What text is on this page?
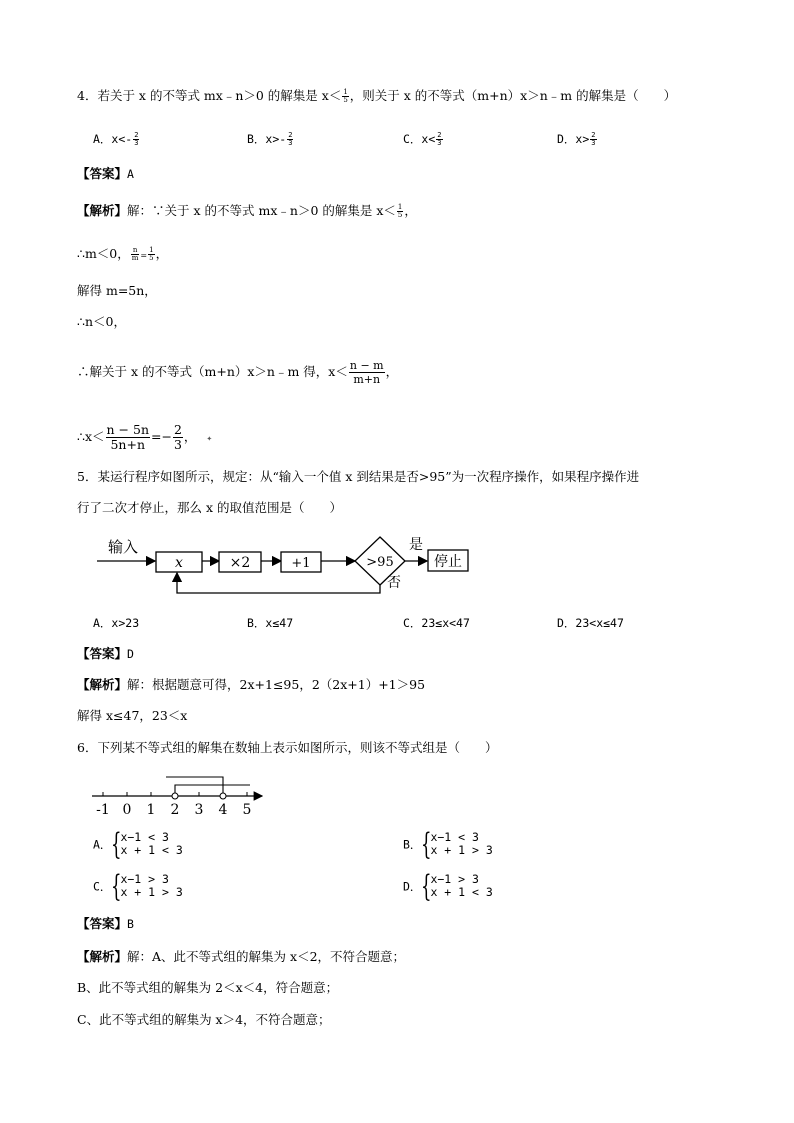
4．若关于 x 的不等式 mx﹣n＞0 的解集是 $x< \frac{1}{5}$ ，则关于 x 的不等式（m+n）x＞n﹣m 的解集是（　　）
A．$x<- \frac{2}{3}$	B．$x>- \frac{2}{3}$	C．$x< \frac{2}{3}$	D．$x> \frac{2}{3}$
【答案】A
【解析】解：∵关于 x 的不等式 mx﹣n＞0 的解集是 $x< \frac{1}{5}$ ，
∴m＜0， $\frac{n}{m} = \frac{1}{5}$ ，
解得 m=5n，
∴n＜0，
∴解关于 x 的不等式（m+n）x＞n﹣m 得，$x< \frac{n - m}{m+n}$ ，
∴x＜ $\frac{n - 5n}{5n+n} =- \frac{2}{3}$ ， ✦
5．某运行程序如图所示，规定：从“输入一个值 x 到结果是否>95”为一次程序操作，如果程序操作进
行了二次才停止，那么 x 的取值范围是（　　）
输入
x	×2	+1	>95
是
停止
否
A．x>23	B．x≤47	C．23≤x<47	D．23<x≤47
【答案】D
【解析】解：根据题意可得，2x+1≤95，2（2x+1）+1＞95
解得 x≤47，23＜x
6．下列某不等式组的解集在数轴上表示如图所示，则该不等式组是（　　）
-1 0 1 2 3 4 5
A． {
x−1 < 3
x + 1 < 3	B． {
x−1 < 3
x + 1 > 3
C． {
x−1 > 3
x + 1 > 3	D． {
x−1 > 3
x + 1 < 3
【答案】B
【解析】解：A、此不等式组的解集为 x＜2，不符合题意；
B、此不等式组的解集为 2＜x＜4，符合题意；
C、此不等式组的解集为 x＞4，不符合题意；
